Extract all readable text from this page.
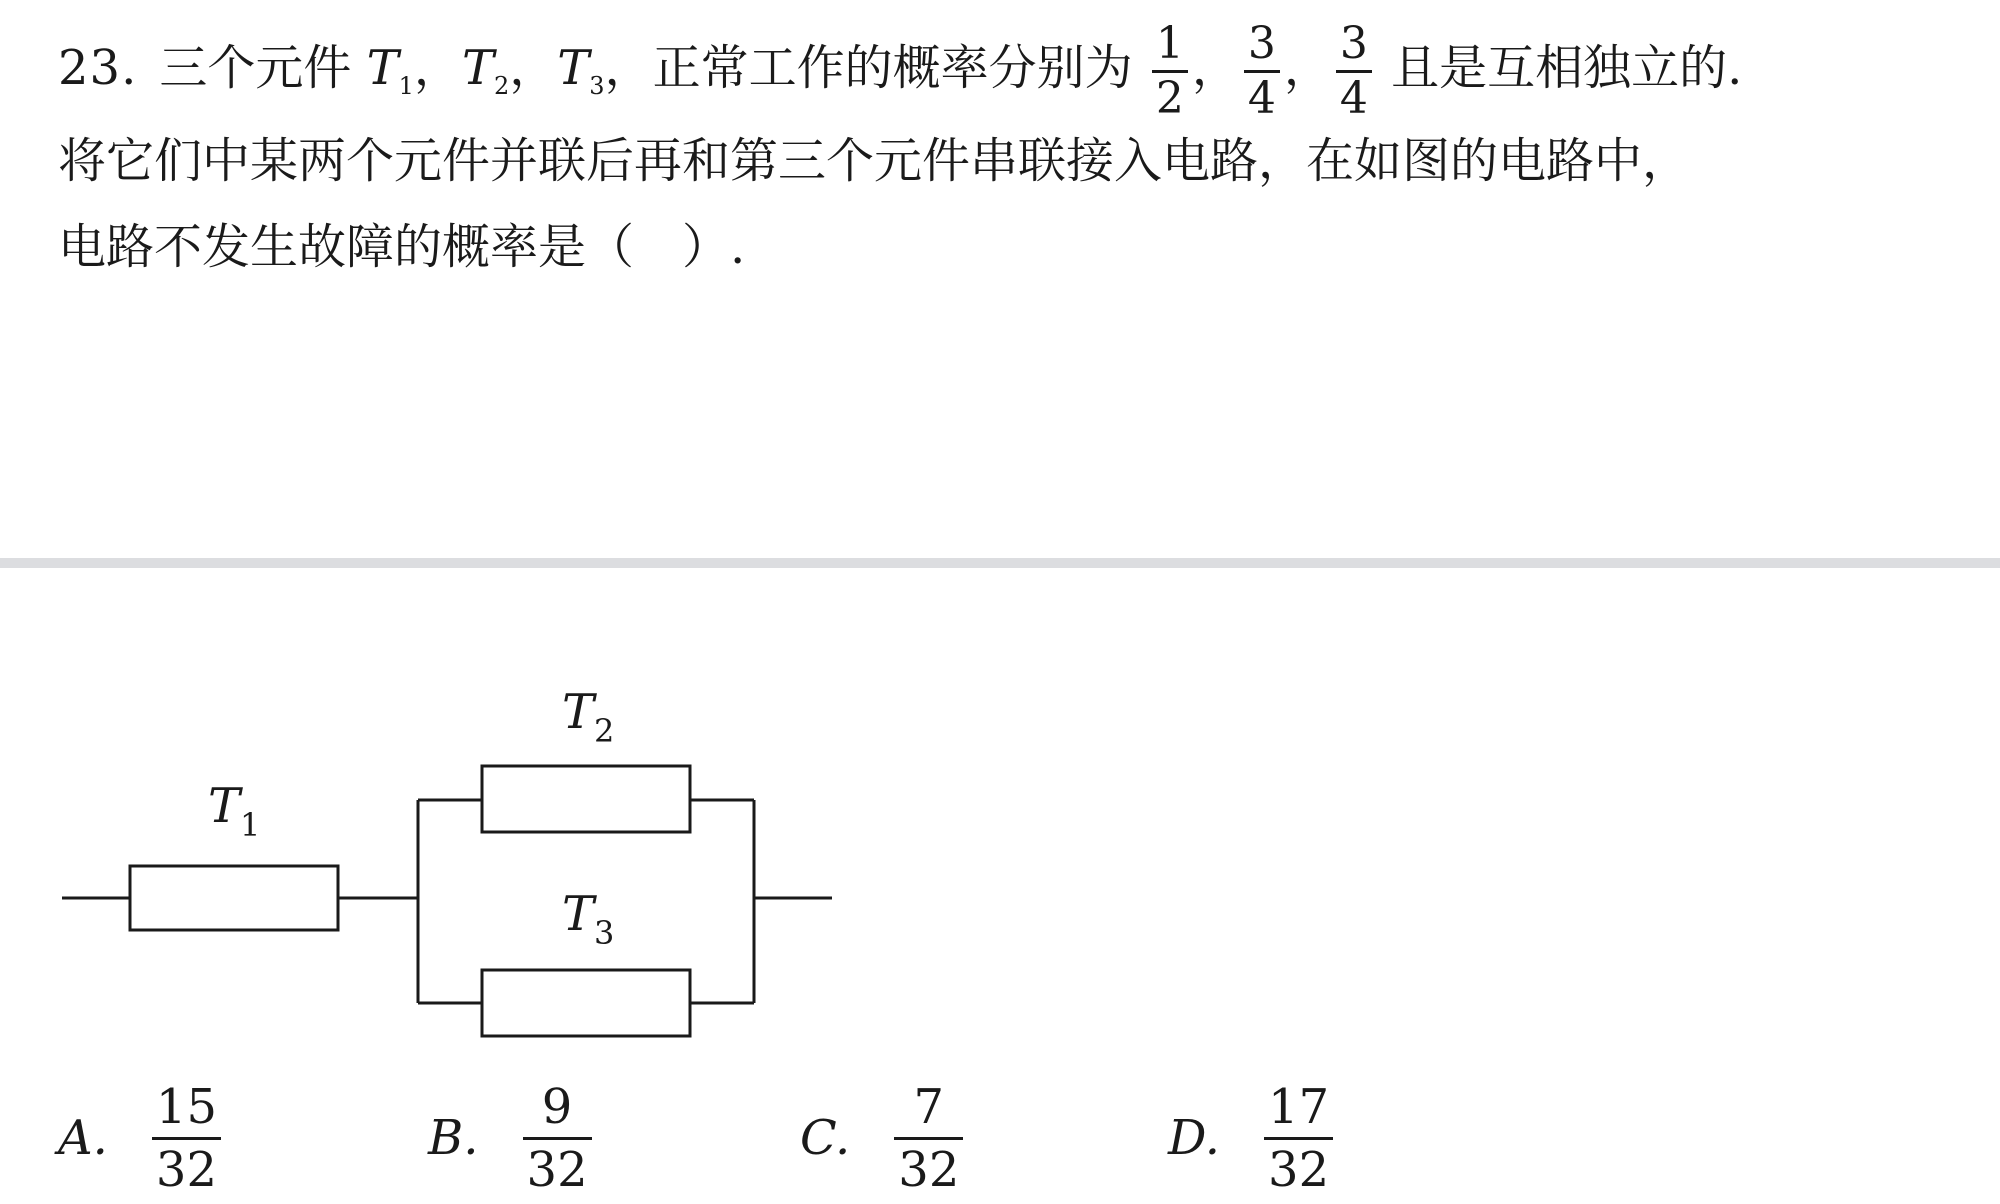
23. 三个元件 $T_1$，$T_2$，$T_3$，正常工作的概率分别为 $\frac{1}{2}$ ， $\frac{3}{4}$ ， $\frac{3}{4}$ 且是互相独立的.
将它们中某两个元件并联后再和第三个元件串联接入电路，在如图的电路中，
电路不发生故障的概率是（　）.
$T_1$
$T_2$
$T_3$
A. $\frac{15}{32}$	B. $\frac{9}{32}$	C. $\frac{7}{32}$	D. $\frac{17}{32}$
